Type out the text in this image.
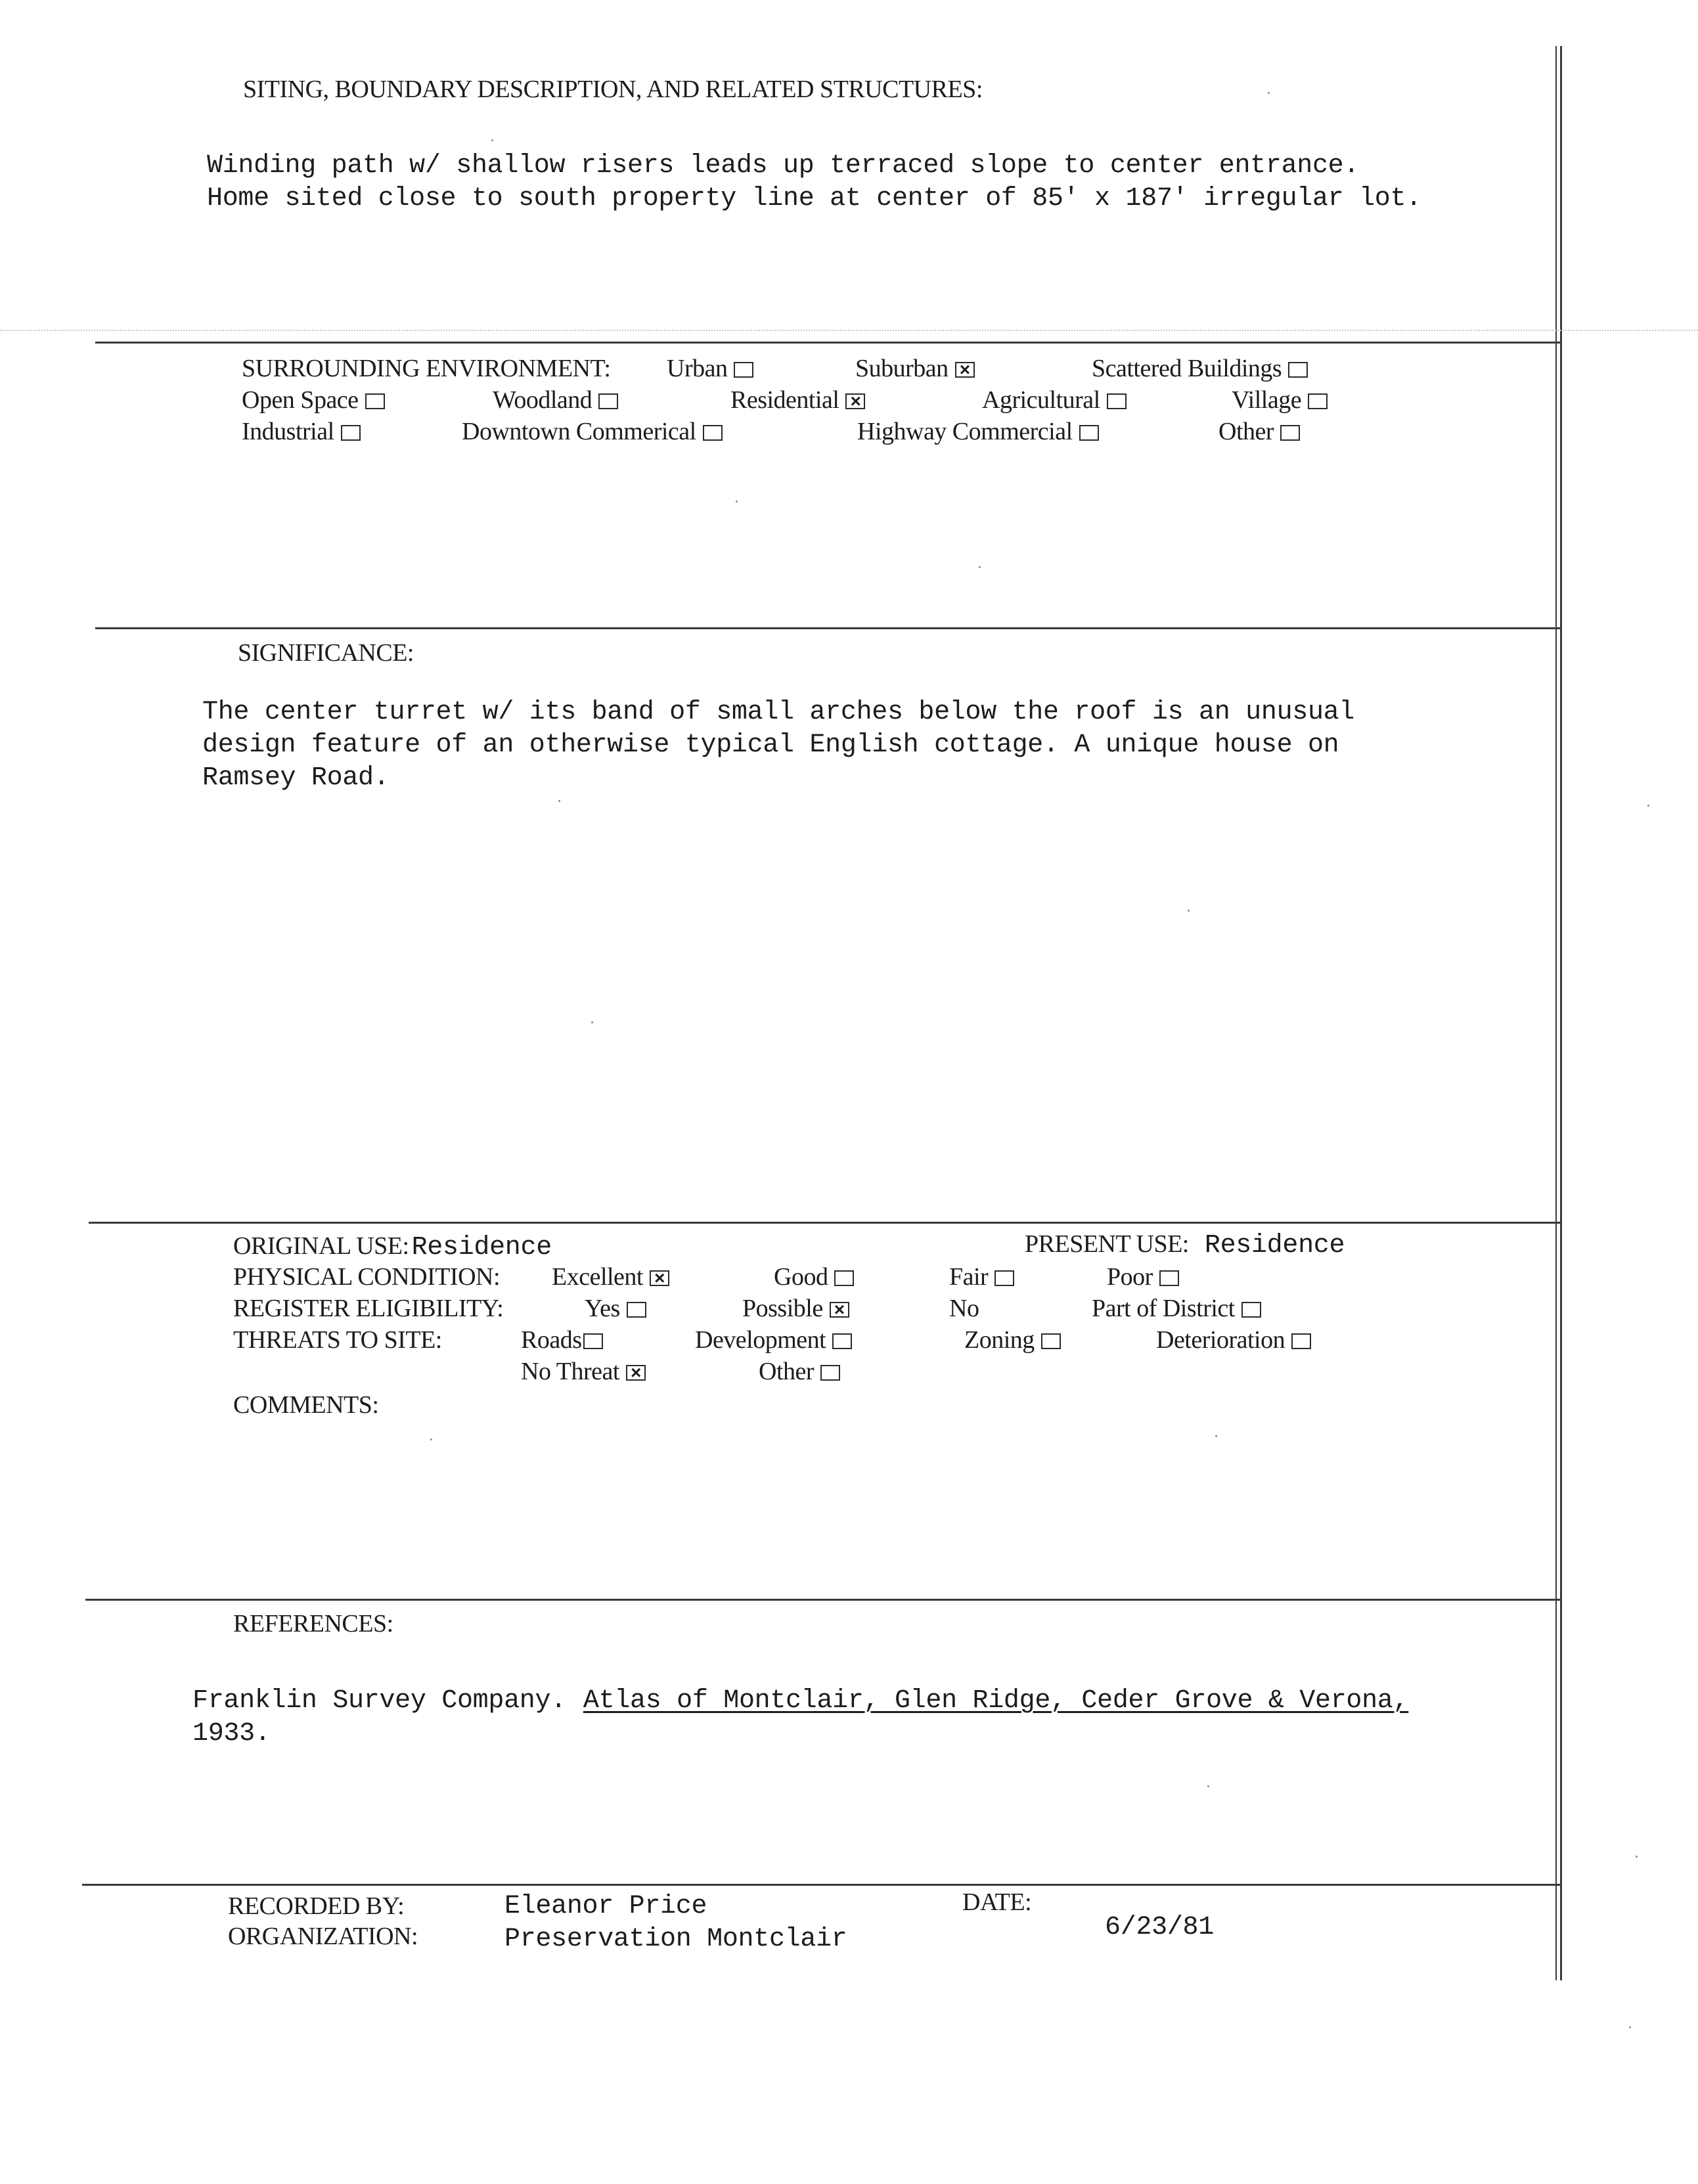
SITING, BOUNDARY DESCRIPTION, AND RELATED STRUCTURES:
Winding path w/ shallow risers leads up terraced slope to center entrance.
Home sited close to south property line at center of 85' x 187' irregular lot.
SURROUNDING ENVIRONMENT: Urban	Suburban ×	Scattered Buildings
Open Space	Woodland	Residential ×	Agricultural	Village
Industrial	Downtown Commerical	Highway Commercial	Other
SIGNIFICANCE:
The center turret w/ its band of small arches below the roof is an unusual
design feature of an otherwise typical English cottage. A unique house on
Ramsey Road.
ORIGINAL USE: Residence	PRESENT USE: Residence
PHYSICAL CONDITION: Excellent ×	Good	Fair	Poor
REGISTER ELIGIBILITY:	Yes	Possible ×	No	Part of District
THREATS TO SITE:	Roads	Development	Zoning	Deterioration
No Threat ×	Other
COMMENTS:
REFERENCES:
Franklin Survey Company. Atlas of Montclair, Glen Ridge, Ceder Grove & Verona,
1933.
RECORDED BY:	Eleanor Price
ORGANIZATION:	Preservation Montclair
DATE:
6/23/81
